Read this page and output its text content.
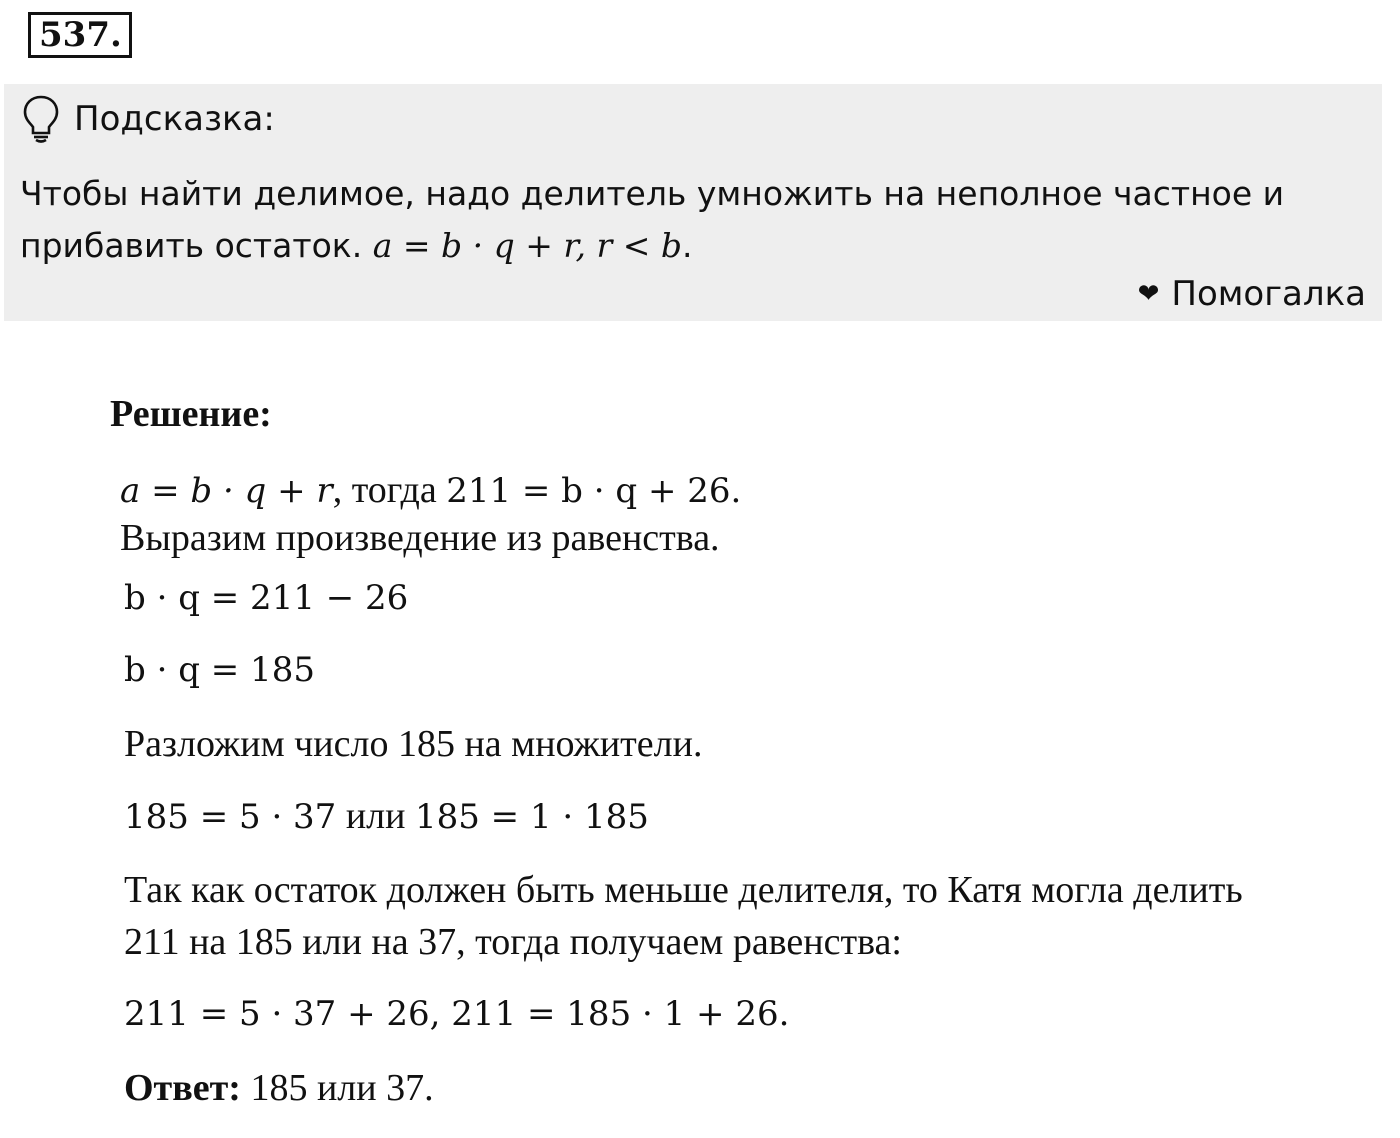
537.
Подсказка:
Чтобы найти делимое, надо делитель умножить на неполное частное и
прибавить остаток. a = b · q + r, r < b.
❤ Помогалка
Решение:
a = b · q + r, тогда 211 = b · q + 26.
Выразим произведение из равенства.
b · q = 211 − 26
b · q = 185
Разложим число 185 на множители.
185 = 5 · 37 или 185 = 1 · 185
Так как остаток должен быть меньше делителя, то Катя могла делить
211 на 185 или на 37, тогда получаем равенства:
211 = 5 · 37 + 26, 211 = 185 · 1 + 26.
Ответ: 185 или 37.
